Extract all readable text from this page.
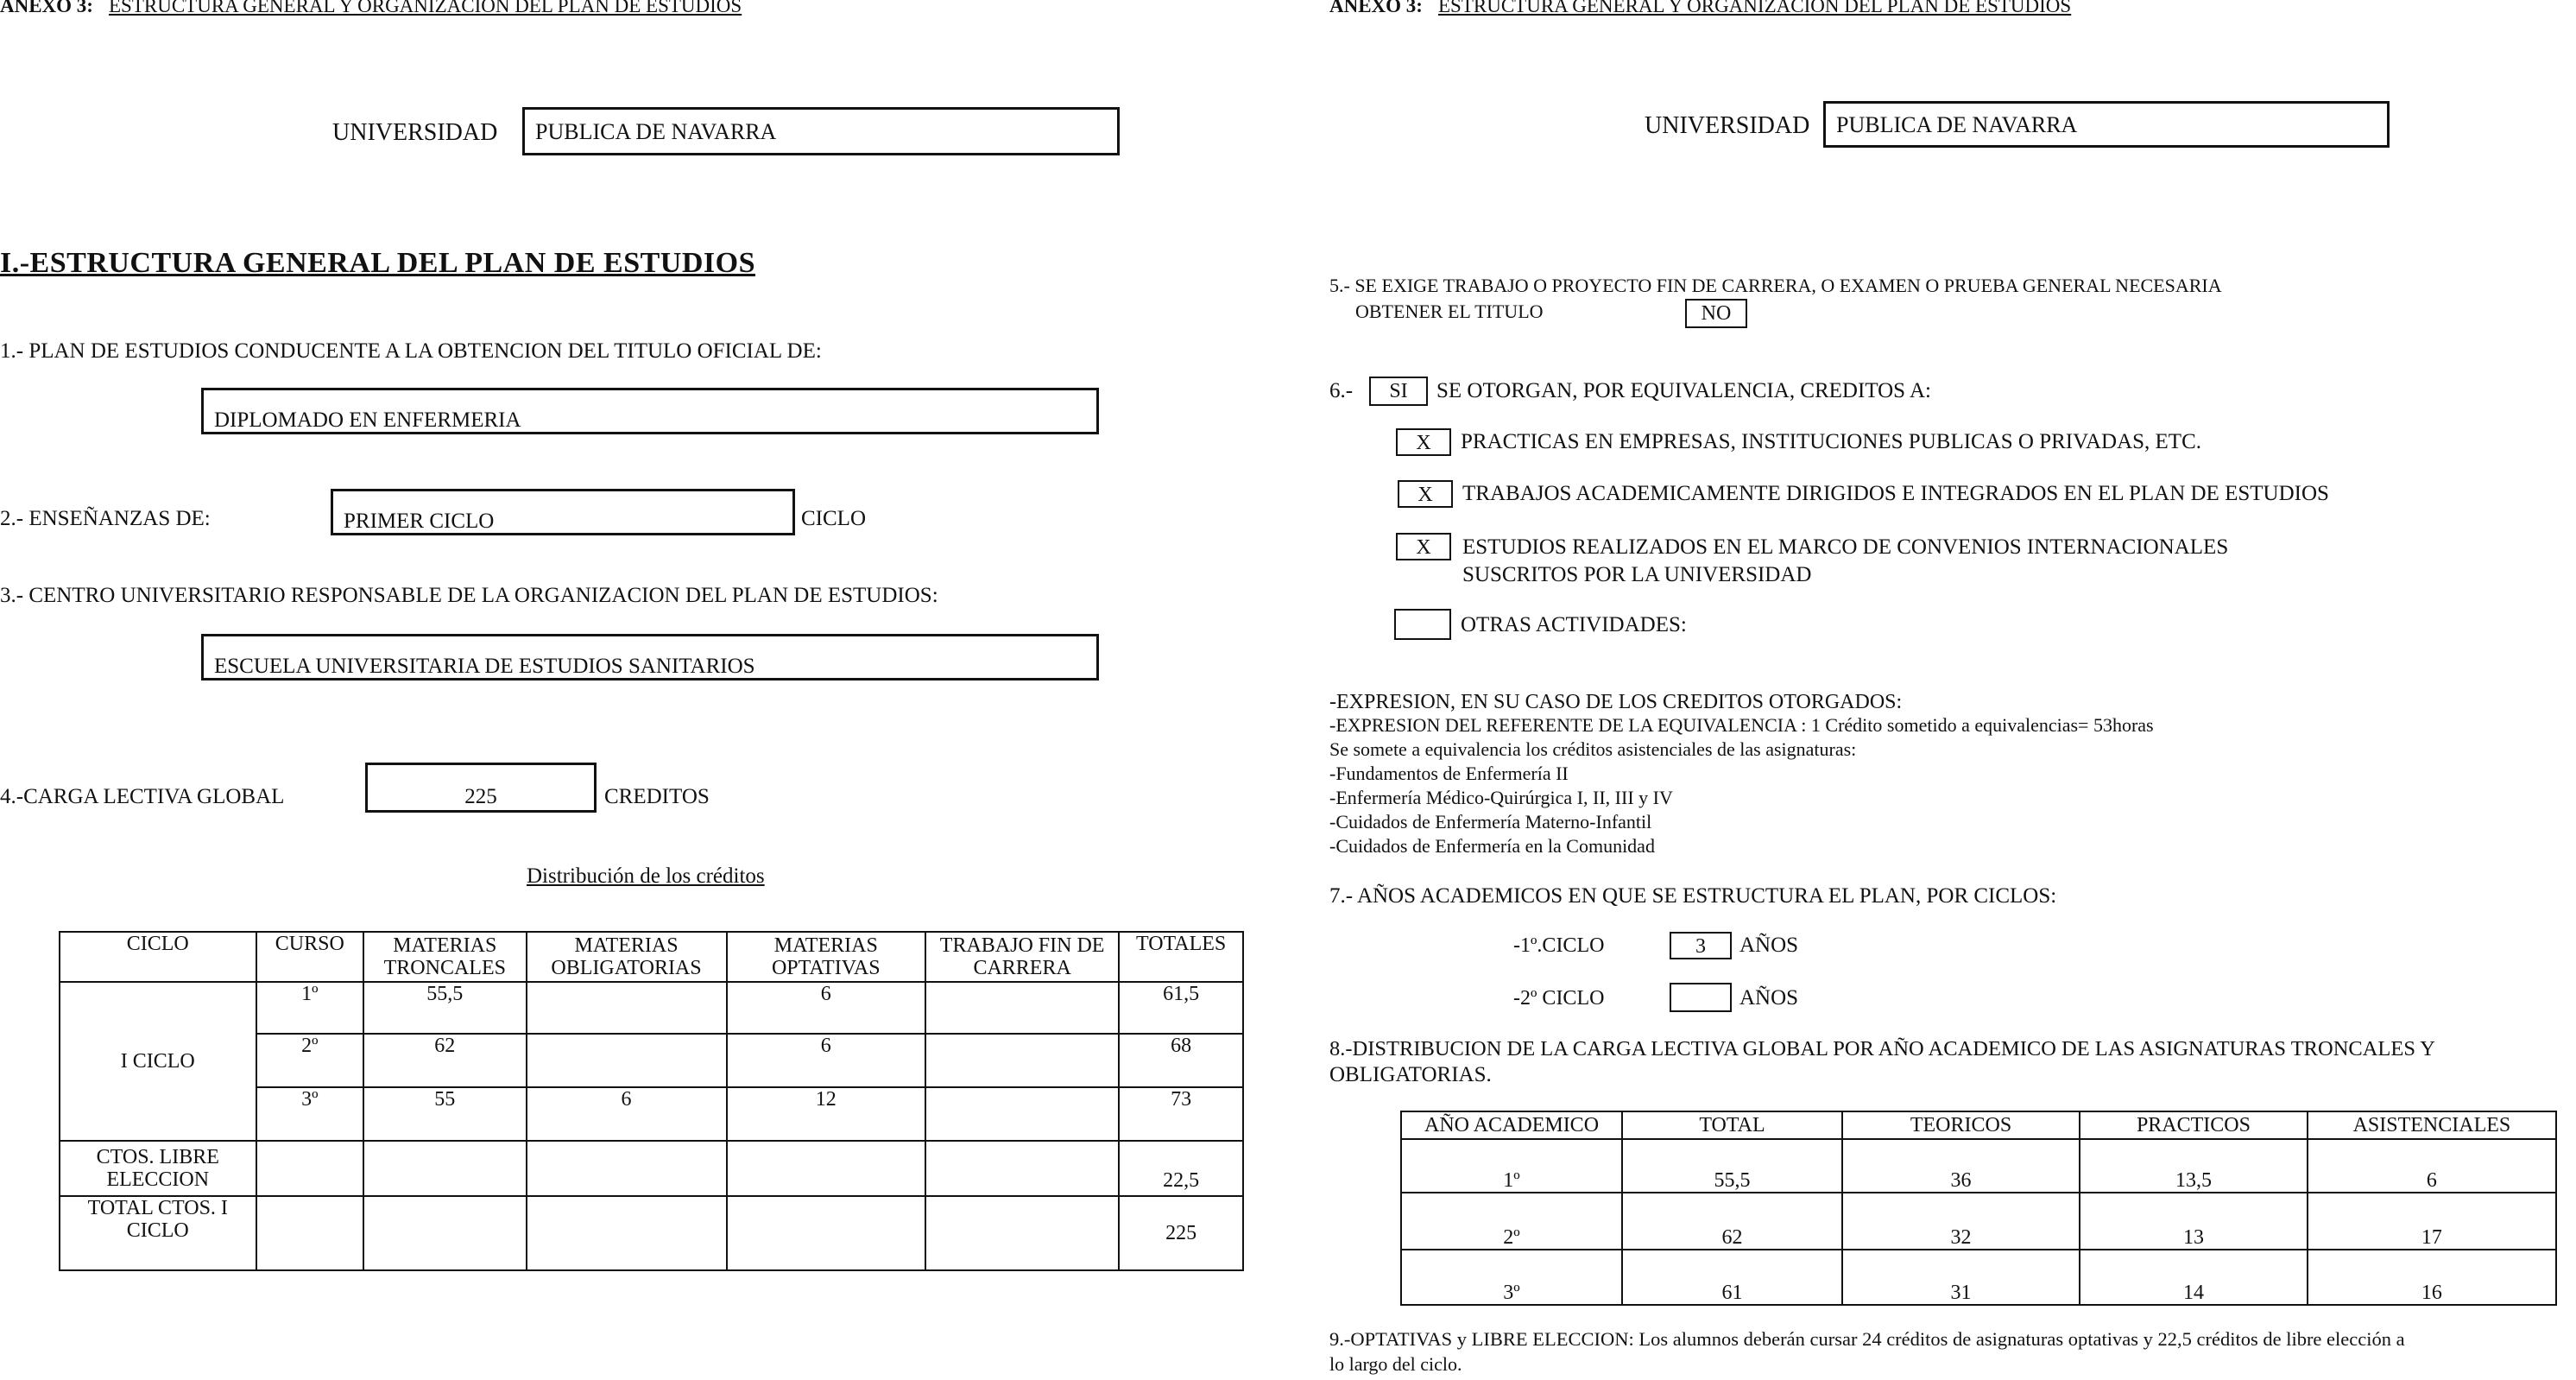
ANEXO 3: ESTRUCTURA GENERAL Y ORGANIZACION DEL PLAN DE ESTUDIOS
UNIVERSIDAD	PUBLICA DE NAVARRA
I.-ESTRUCTURA GENERAL DEL PLAN DE ESTUDIOS
1.- PLAN DE ESTUDIOS CONDUCENTE A LA OBTENCION DEL TITULO OFICIAL DE:
DIPLOMADO EN ENFERMERIA
2.- ENSEÑANZAS DE:	PRIMER CICLO	CICLO
3.- CENTRO UNIVERSITARIO RESPONSABLE DE LA ORGANIZACION DEL PLAN DE ESTUDIOS:
ESCUELA UNIVERSITARIA DE ESTUDIOS SANITARIOS
4.-CARGA LECTIVA GLOBAL	225	CREDITOS
Distribución de los créditos
CICLO	CURSO	MATERIAS TRONCALES	MATERIAS OBLIGATORIAS	MATERIAS OPTATIVAS	TRABAJO FIN DE CARRERA	TOTALES
I CICLO	1º	55,5		6		61,5
	2º	62		6		68
	3º	55	6	12		73
CTOS. LIBRE ELECCION						22,5
TOTAL CTOS. I CICLO						225
ANEXO 3: ESTRUCTURA GENERAL Y ORGANIZACION DEL PLAN DE ESTUDIOS
UNIVERSIDAD	PUBLICA DE NAVARRA
5.- SE EXIGE TRABAJO O PROYECTO FIN DE CARRERA, O EXAMEN O PRUEBA GENERAL NECESARIA
OBTENER EL TITULO	NO
6.-	SI	SE OTORGAN, POR EQUIVALENCIA, CREDITOS A:
X	PRACTICAS EN EMPRESAS, INSTITUCIONES PUBLICAS O PRIVADAS, ETC.
X	TRABAJOS ACADEMICAMENTE DIRIGIDOS E INTEGRADOS EN EL PLAN DE ESTUDIOS
X	ESTUDIOS REALIZADOS EN EL MARCO DE CONVENIOS INTERNACIONALES
SUSCRITOS POR LA UNIVERSIDAD
OTRAS ACTIVIDADES:
-EXPRESION, EN SU CASO DE LOS CREDITOS OTORGADOS:
-EXPRESION DEL REFERENTE DE LA EQUIVALENCIA : 1 Crédito sometido a equivalencias= 53horas
Se somete a equivalencia los créditos asistenciales de las asignaturas:
-Fundamentos de Enfermería II
-Enfermería Médico-Quirúrgica I, II, III y IV
-Cuidados de Enfermería Materno-Infantil
-Cuidados de Enfermería en la Comunidad
7.- AÑOS ACADEMICOS EN QUE SE ESTRUCTURA EL PLAN, POR CICLOS:
-1º.CICLO	3	AÑOS
-2º CICLO	AÑOS
8.-DISTRIBUCION DE LA CARGA LECTIVA GLOBAL POR AÑO ACADEMICO DE LAS ASIGNATURAS TRONCALES Y
OBLIGATORIAS.
AÑO ACADEMICO	TOTAL	TEORICOS	PRACTICOS	ASISTENCIALES
1º	55,5	36	13,5	6
2º	62	32	13	17
3º	61	31	14	16
9.-OPTATIVAS y LIBRE ELECCION: Los alumnos deberán cursar 24 créditos de asignaturas optativas y 22,5 créditos de libre elección a
lo largo del ciclo.
